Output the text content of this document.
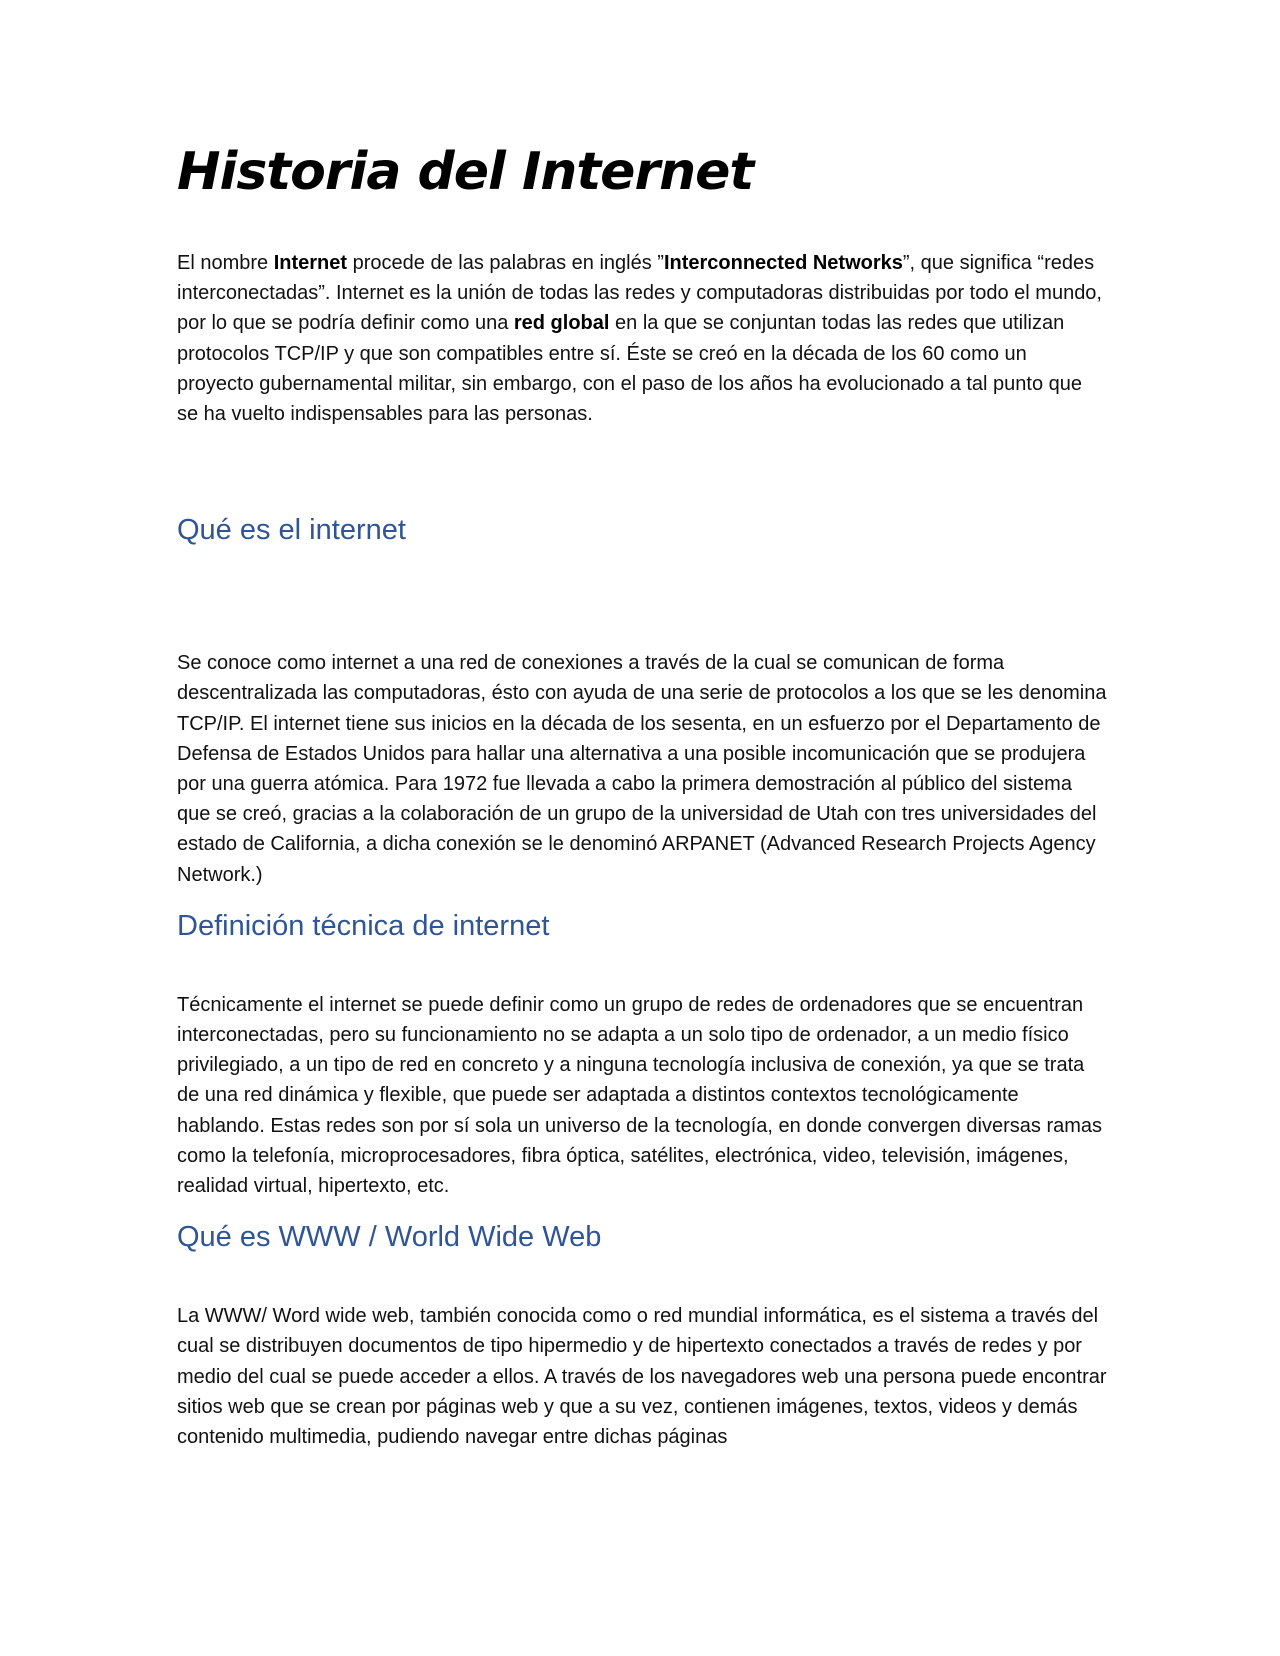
Historia del Internet

El nombre Internet procede de las palabras en inglés ”Interconnected Networks”, que significa “redes interconectadas”. Internet es la unión de todas las redes y computadoras distribuidas por todo el mundo, por lo que se podría definir como una red global en la que se conjuntan todas las redes que utilizan protocolos TCP/IP y que son compatibles entre sí. Éste se creó en la década de los 60 como un proyecto gubernamental militar, sin embargo, con el paso de los años ha evolucionado a tal punto que se ha vuelto indispensables para las personas.

Qué es el internet

Se conoce como internet a una red de conexiones a través de la cual se comunican de forma descentralizada las computadoras, ésto con ayuda de una serie de protocolos a los que se les denomina TCP/IP. El internet tiene sus inicios en la década de los sesenta, en un esfuerzo por el Departamento de Defensa de Estados Unidos para hallar una alternativa a una posible incomunicación que se produjera por una guerra atómica. Para 1972 fue llevada a cabo la primera demostración al público del sistema que se creó, gracias a la colaboración de un grupo de la universidad de Utah con tres universidades del estado de California, a dicha conexión se le denominó ARPANET (Advanced Research Projects Agency Network.)

Definición técnica de internet

Técnicamente el internet se puede definir como un grupo de redes de ordenadores que se encuentran interconectadas, pero su funcionamiento no se adapta a un solo tipo de ordenador, a un medio físico privilegiado, a un tipo de red en concreto y a ninguna tecnología inclusiva de conexión, ya que se trata de una red dinámica y flexible, que puede ser adaptada a distintos contextos tecnológicamente hablando. Estas redes son por sí sola un universo de la tecnología, en donde convergen diversas ramas como la telefonía, microprocesadores, fibra óptica, satélites, electrónica, video, televisión, imágenes, realidad virtual, hipertexto, etc.

Qué es WWW / World Wide Web

La WWW/ Word wide web, también conocida como o red mundial informática, es el sistema a través del cual se distribuyen documentos de tipo hipermedio y de hipertexto conectados a través de redes y por medio del cual se puede acceder a ellos. A través de los navegadores web una persona puede encontrar sitios web que se crean por páginas web y que a su vez, contienen imágenes, textos, videos y demás contenido multimedia, pudiendo navegar entre dichas páginas
